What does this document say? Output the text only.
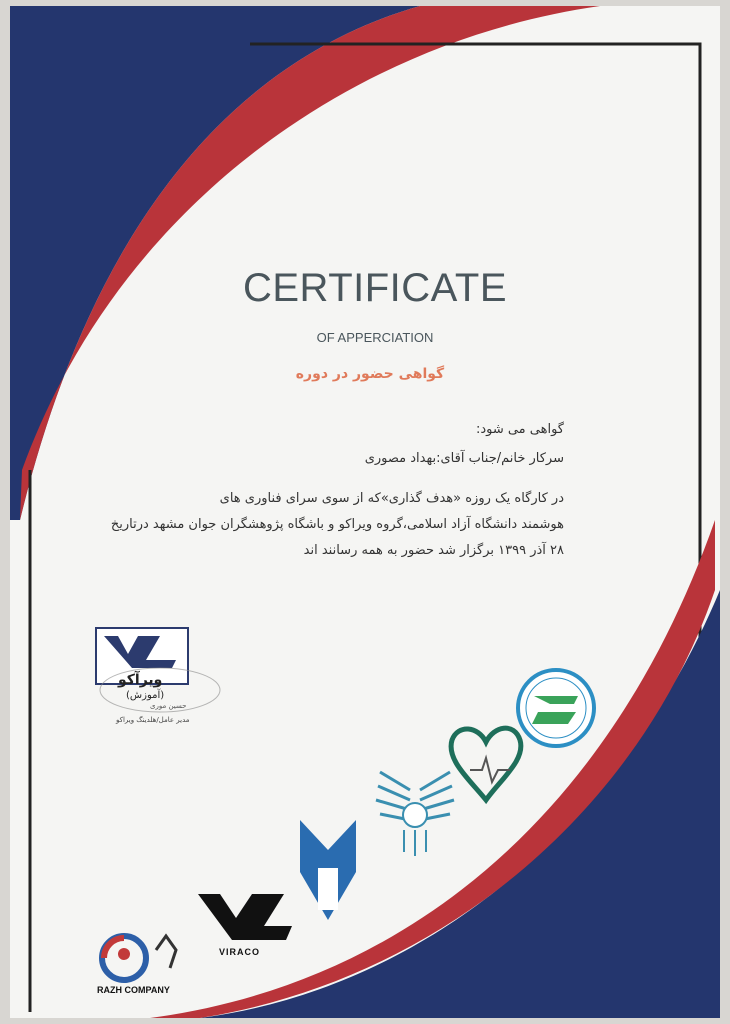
CERTIFICATE
OF APPERCIATION
گواهی حضور در دوره
گواهی می شود:
سرکار خانم/جناب آقای:بهداد مصوری
در کارگاه یک روزه «هدف گذاری»که از سوی سرای فناوری های
هوشمند دانشگاه آزاد اسلامی،گروه ویراکو و باشگاه پژوهشگران جوان مشهد درتاریخ
۲۸ آذر ۱۳۹۹ برگزار شد حضور به همه رسانند اند
ویرآکو
(آموزش)
حسین موری
مدیر عامل/هلدینگ ویراکو
VIRACO
RAZH COMPANY
